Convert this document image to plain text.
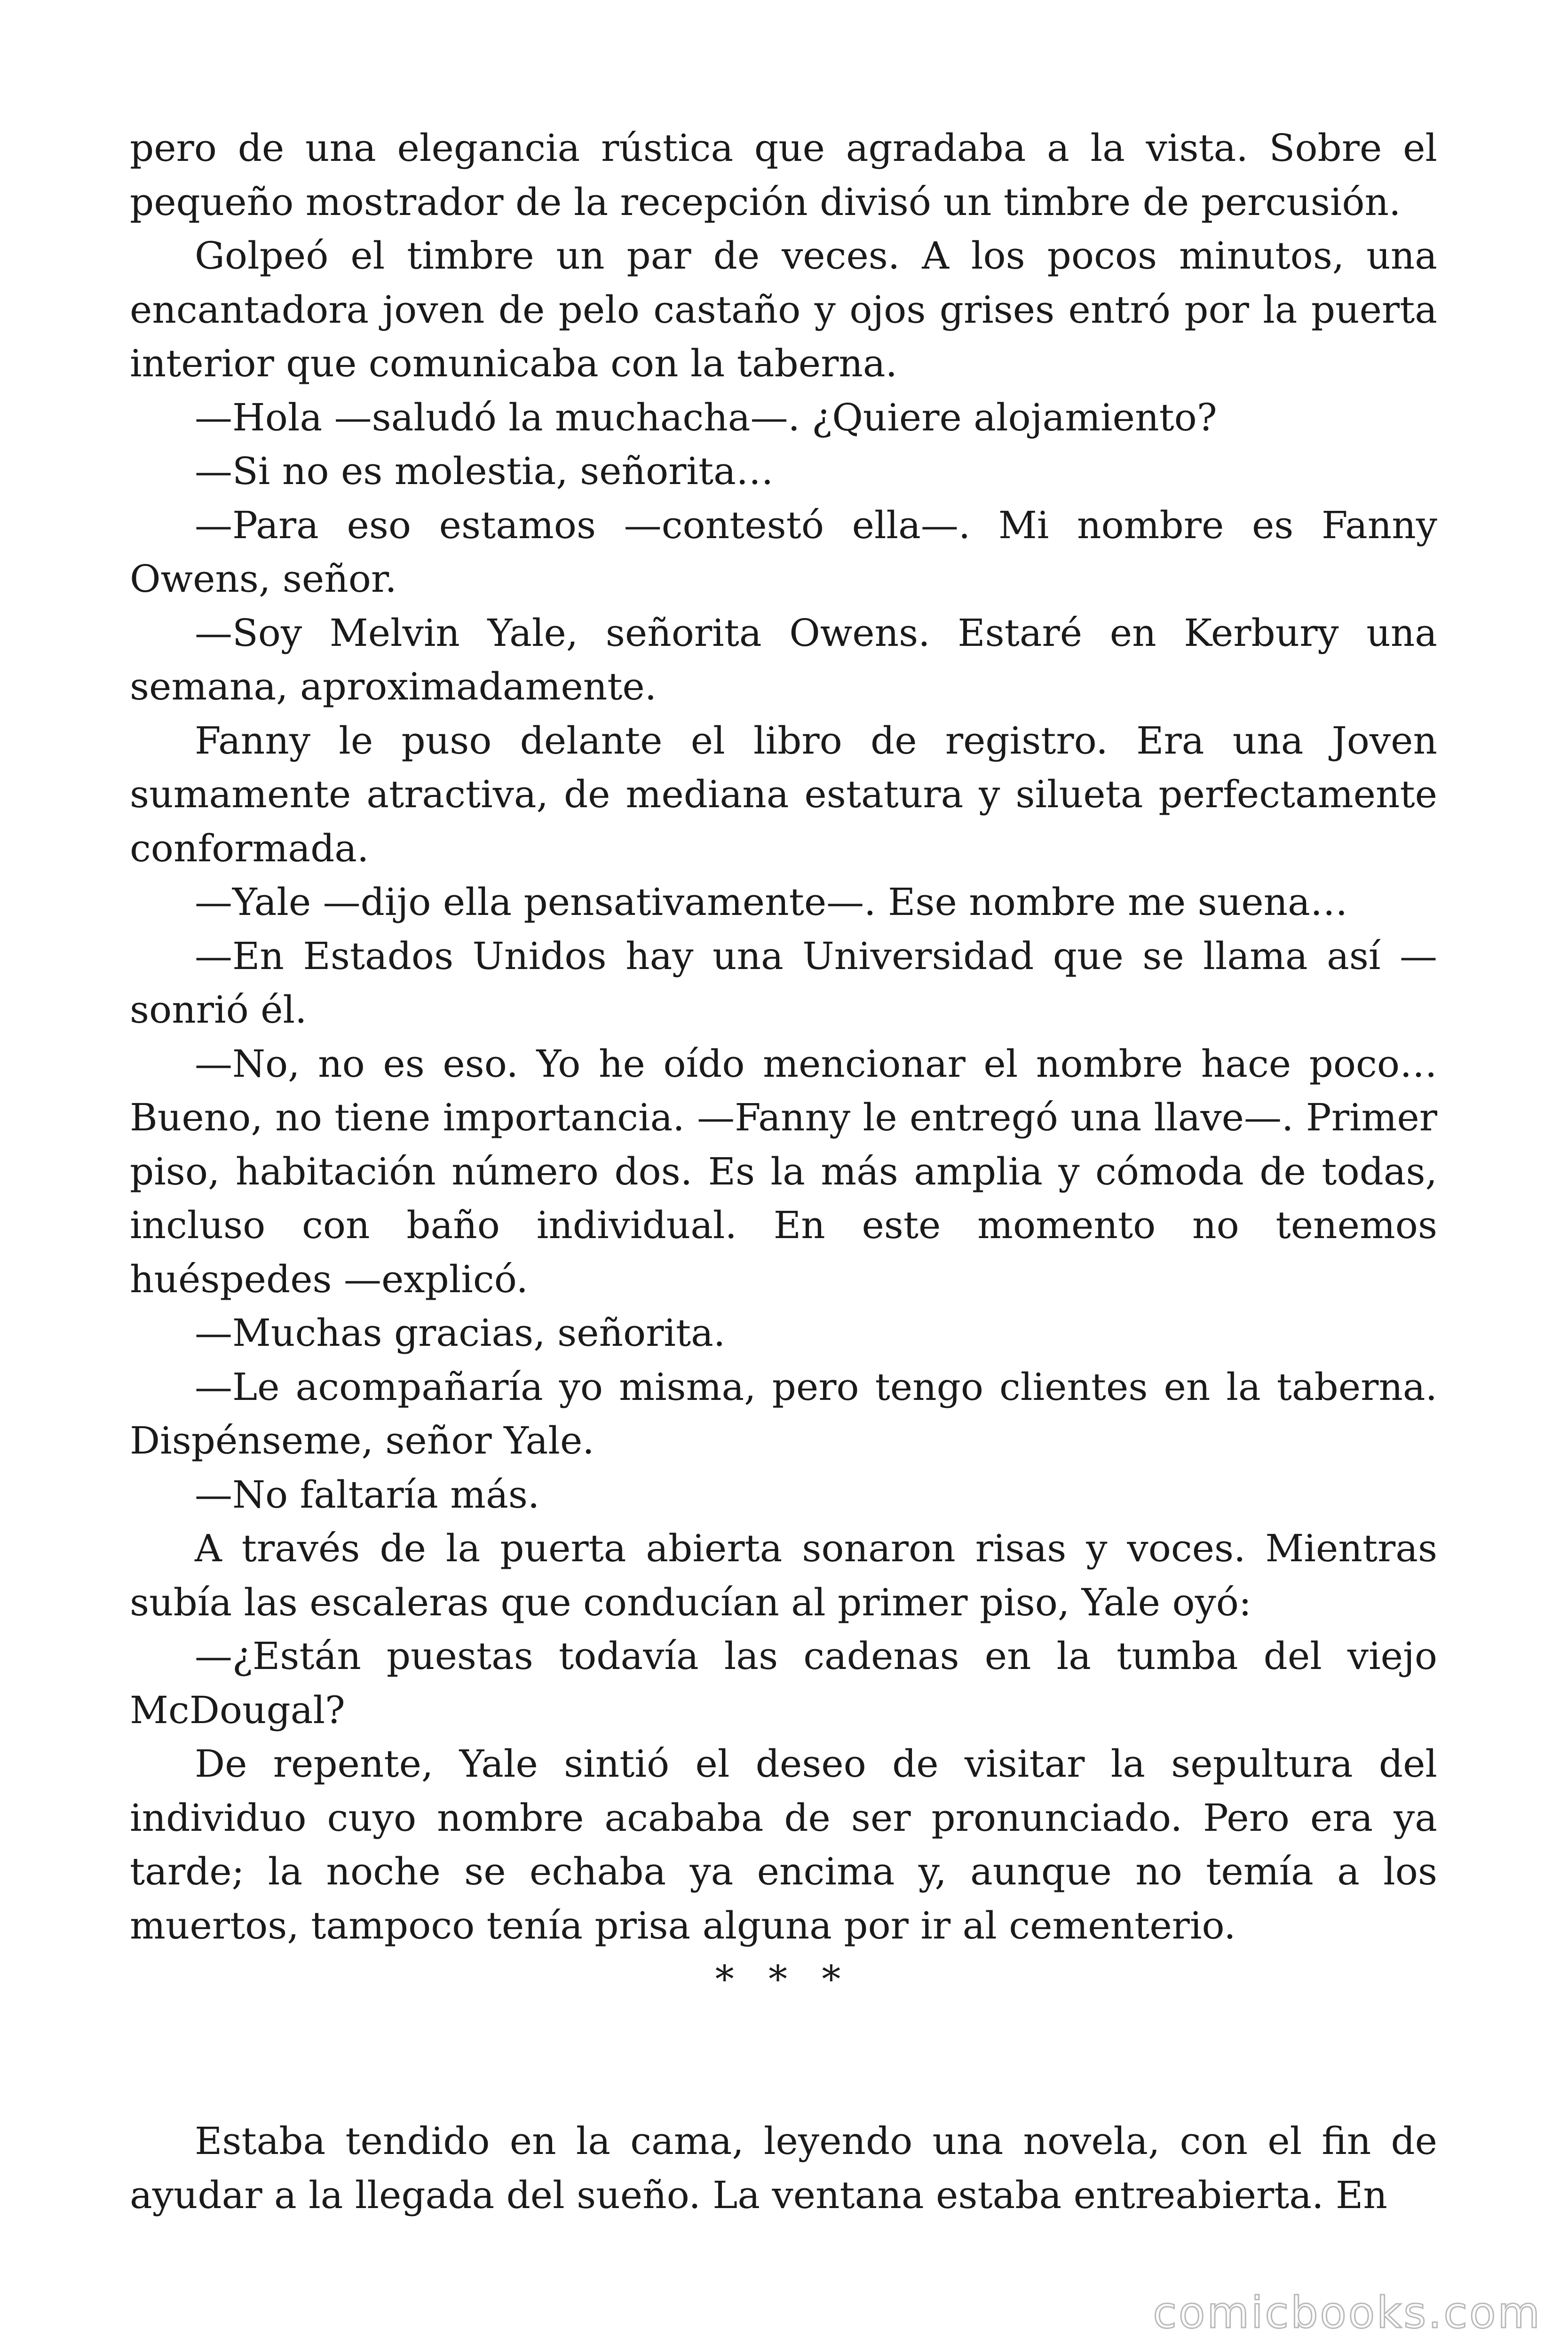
pero de una elegancia rústica que agradaba a la vista. Sobre el pequeño mostrador de la recepción divisó un timbre de percusión.

Golpeó el timbre un par de veces. A los pocos minutos, una encantadora joven de pelo castaño y ojos grises entró por la puerta interior que comunicaba con la taberna.

—Hola —saludó la muchacha—. ¿Quiere alojamiento?

—Si no es molestia, señorita…

—Para eso estamos —contestó ella—. Mi nombre es Fanny Owens, señor.

—Soy Melvin Yale, señorita Owens. Estaré en Kerbury una semana, aproximadamente.

Fanny le puso delante el libro de registro. Era una Joven sumamente atractiva, de mediana estatura y silueta perfectamente conformada.

—Yale —dijo ella pensativamente—. Ese nombre me suena…

—En Estados Unidos hay una Universidad que se llama así —sonrió él.

—No, no es eso. Yo he oído mencionar el nombre hace poco… Bueno, no tiene importancia. —Fanny le entregó una llave—. Primer piso, habitación número dos. Es la más amplia y cómoda de todas, incluso con baño individual. En este momento no tenemos huéspedes —explicó.

—Muchas gracias, señorita.

—Le acompañaría yo misma, pero tengo clientes en la taberna. Dispénseme, señor Yale.

—No faltaría más.

A través de la puerta abierta sonaron risas y voces. Mientras subía las escaleras que conducían al primer piso, Yale oyó:

—¿Están puestas todavía las cadenas en la tumba del viejo McDougal?

De repente, Yale sintió el deseo de visitar la sepultura del individuo cuyo nombre acababa de ser pronunciado. Pero era ya tarde; la noche se echaba ya encima y, aunque no temía a los muertos, tampoco tenía prisa alguna por ir al cementerio.

* * *

Estaba tendido en la cama, leyendo una novela, con el fin de ayudar a la llegada del sueño. La ventana estaba entreabierta. En

comicbooks.com
